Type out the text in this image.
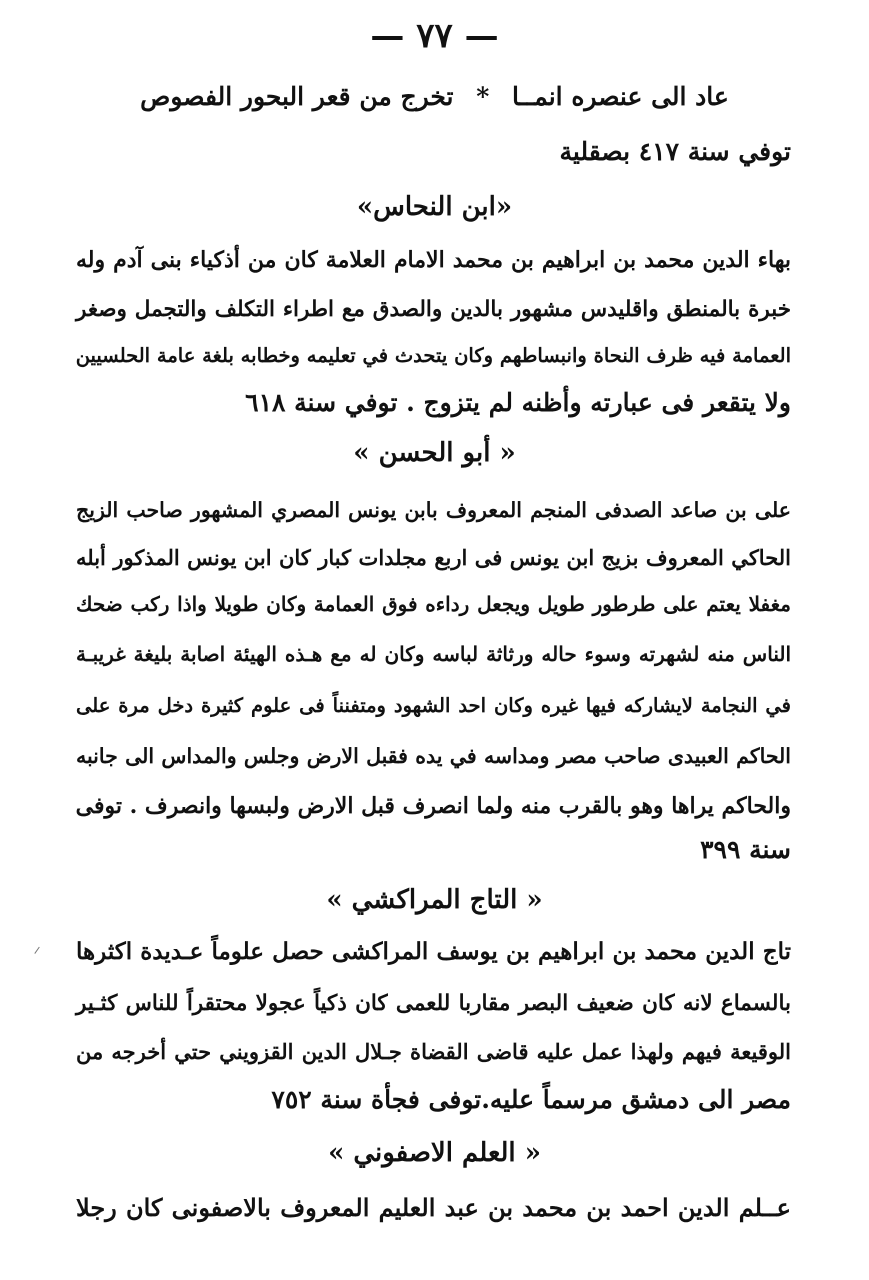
— ٧٧ —
عاد الى عنصره انمــا * تخرج من قعر البحور الفصوص
توفي سنة ٤١٧ بصقلية
«ابن النحاس»
بهاء الدين محمد بن ابراهيم بن محمد الامام العلامة كان من أذكياء بنى آدم وله
خبرة بالمنطق واقليدس مشهور بالدين والصدق مع اطراء التكلف والتجمل وصغر
العمامة فيه ظرف النحاة وانبساطهم وكان يتحدث في تعليمه وخطابه بلغة عامة الحلسيين
ولا يتقعر فى عبارته وأظنه لم يتزوج . توفي سنة ٦١٨
« أبو الحسن »
على بن صاعد الصدفى المنجم المعروف بابن يونس المصري المشهور صاحب الزيج
الحاكي المعروف بزيج ابن يونس فى اربع مجلدات كبار كان ابن يونس المذكور أبله
مغفلا يعتم على طرطور طويل ويجعل رداءه فوق العمامة وكان طويلا واذا ركب ضحك
الناس منه لشهرته وسوء حاله ورثاثة لباسه وكان له مع هـذه الهيئة اصابة بليغة غريبـة
في النجامة لايشاركه فيها غيره وكان احد الشهود ومتفنناً فى علوم كثيرة دخل مرة على
الحاكم العبيدى صاحب مصر ومداسه في يده فقبل الارض وجلس والمداس الى جانبه
والحاكم يراها وهو بالقرب منه ولما انصرف قبل الارض ولبسها وانصرف . توفى
سنة ٣٩٩
« التاج المراكشي »
تاج الدين محمد بن ابراهيم بن يوسف المراكشى حصل علوماً عـديدة اكثرها
بالسماع لانه كان ضعيف البصر مقاربا للعمى كان ذكياً عجولا محتقراً للناس كثـير
الوقيعة فيهم ولهذا عمل عليه قاضى القضاة جـلال الدين القزويني حتي أخرجه من
مصر الى دمشق مرسماً عليه.توفى فجأة سنة ٧٥٢
« العلم الاصفوني »
عــلم الدين احمد بن محمد بن عبد العليم المعروف بالاصفونى كان رجلا
